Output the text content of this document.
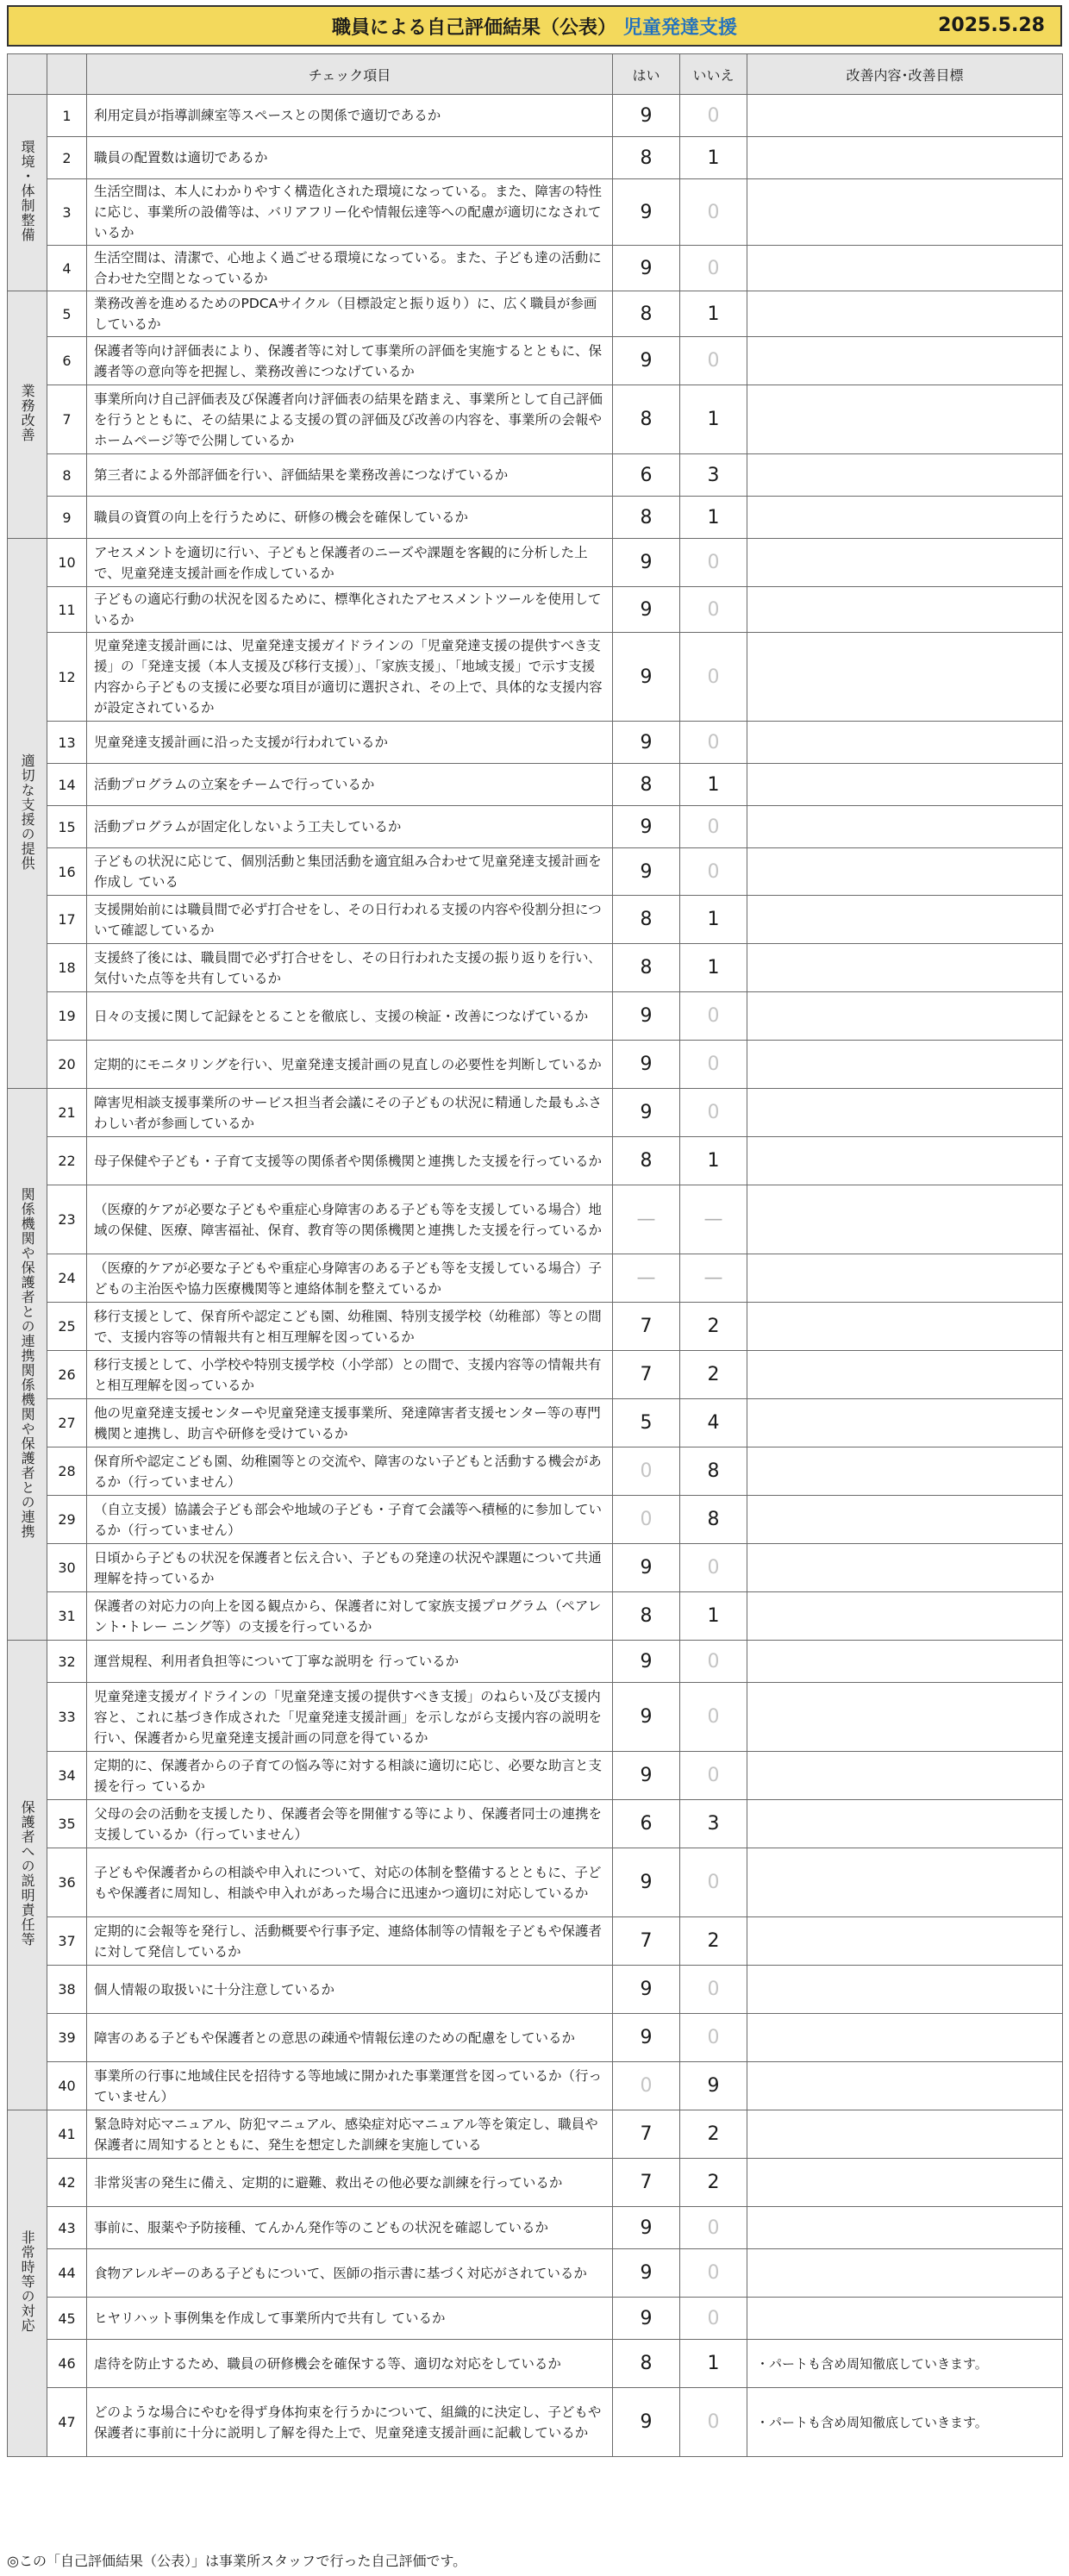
職員による自己評価結果（公表） 児童発達支援	2025.5.28
		チェック項目	はい	いいえ	改善内容･改善目標
環境・体制整備	1	利用定員が指導訓練室等スペースとの関係で適切であるか	9	0	
	2	職員の配置数は適切であるか	8	1	
	3	生活空間は、本人にわかりやすく構造化された環境になっている。また、障害の特性に応じ、事業所の設備等は、バリアフリー化や情報伝達等への配慮が適切になされているか	9	0	
	4	生活空間は、清潔で、心地よく過ごせる環境になっている。また、子ども達の活動に合わせた空間となっているか	9	0	
業務改善	5	業務改善を進めるためのPDCAサイクル（目標設定と振り返り）に、広く職員が参画しているか	8	1	
	6	保護者等向け評価表により、保護者等に対して事業所の評価を実施するとともに、保護者等の意向等を把握し、業務改善につなげているか	9	0	
	7	事業所向け自己評価表及び保護者向け評価表の結果を踏まえ、事業所として自己評価を行うとともに、その結果による支援の質の評価及び改善の内容を、事業所の会報やホームページ等で公開しているか	8	1	
	8	第三者による外部評価を行い、評価結果を業務改善につなげているか	6	3	
	9	職員の資質の向上を行うために、研修の機会を確保しているか	8	1	
適切な支援の提供	10	アセスメントを適切に行い、子どもと保護者のニーズや課題を客観的に分析した上で、児童発達支援計画を作成しているか	9	0	
	11	子どもの適応行動の状況を図るために、標準化されたアセスメントツールを使用しているか	9	0	
	12	児童発達支援計画には、児童発達支援ガイドラインの「児童発達支援の提供すべき支援」の「発達支援（本人支援及び移行支援）」、「家族支援」、「地域支援」で示す支援内容から子どもの支援に必要な項目が適切に選択され、その上で、具体的な支援内容が設定されているか	9	0	
	13	児童発達支援計画に沿った支援が行われているか	9	0	
	14	活動プログラムの立案をチームで行っているか	8	1	
	15	活動プログラムが固定化しないよう工夫しているか	9	0	
	16	子どもの状況に応じて、個別活動と集団活動を適宜組み合わせて児童発達支援計画を作成し ている	9	0	
	17	支援開始前には職員間で必ず打合せをし、その日行われる支援の内容や役割分担について確認しているか	8	1	
	18	支援終了後には、職員間で必ず打合せをし、その日行われた支援の振り返りを行い､気付いた点等を共有しているか	8	1	
	19	日々の支援に関して記録をとることを徹底し、支援の検証・改善につなげているか	9	0	
	20	定期的にモニタリングを行い、児童発達支援計画の見直しの必要性を判断しているか	9	0	
関係機関や保護者との連携関係機関や保護者との連携	21	障害児相談支援事業所のサービス担当者会議にその子どもの状況に精通した最もふさわしい者が参画しているか	9	0	
	22	母子保健や子ども・子育て支援等の関係者や関係機関と連携した支援を行っているか	8	1	
	23	（医療的ケアが必要な子どもや重症心身障害のある子ども等を支援している場合）地域の保健、医療、障害福祉、保育、教育等の関係機関と連携した支援を行っているか	—	—	
	24	（医療的ケアが必要な子どもや重症心身障害のある子ども等を支援している場合）子どもの主治医や協力医療機関等と連絡体制を整えているか	—	—	
	25	移行支援として、保育所や認定こども園、幼稚園、特別支援学校（幼稚部）等との間で、支援内容等の情報共有と相互理解を図っているか	7	2	
	26	移行支援として、小学校や特別支援学校（小学部）との間で、支援内容等の情報共有と相互理解を図っているか	7	2	
	27	他の児童発達支援センターや児童発達支援事業所、発達障害者支援センター等の専門機関と連携し、助言や研修を受けているか	5	4	
	28	保育所や認定こども園、幼稚園等との交流や、障害のない子どもと活動する機会があるか（行っていません）	0	8	
	29	（自立支援）協議会子ども部会や地域の子ども・子育て会議等へ積極的に参加しているか（行っていません）	0	8	
	30	日頃から子どもの状況を保護者と伝え合い、子どもの発達の状況や課題について共通理解を持っているか	9	0	
	31	保護者の対応力の向上を図る観点から、保護者に対して家族支援プログラム（ペアレント･トレー ニング等）の支援を行っているか	8	1	
保護者への説明責任等	32	運営規程、利用者負担等について丁寧な説明を 行っているか	9	0	
	33	児童発達支援ガイドラインの「児童発達支援の提供すべき支援」のねらい及び支援内容と、これに基づき作成された「児童発達支援計画」を示しながら支援内容の説明を行い、保護者から児童発達支援計画の同意を得ているか	9	0	
	34	定期的に、保護者からの子育ての悩み等に対する相談に適切に応じ、必要な助言と支援を行っ ているか	9	0	
	35	父母の会の活動を支援したり、保護者会等を開催する等により、保護者同士の連携を支援しているか（行っていません）	6	3	
	36	子どもや保護者からの相談や申入れについて、対応の体制を整備するとともに、子どもや保護者に周知し、相談や申入れがあった場合に迅速かつ適切に対応しているか	9	0	
	37	定期的に会報等を発行し、活動概要や行事予定、連絡体制等の情報を子どもや保護者に対して発信しているか	7	2	
	38	個人情報の取扱いに十分注意しているか	9	0	
	39	障害のある子どもや保護者との意思の疎通や情報伝達のための配慮をしているか	9	0	
	40	事業所の行事に地域住民を招待する等地域に開かれた事業運営を図っているか（行っていません）	0	9	
非常時等の対応	41	緊急時対応マニュアル、防犯マニュアル、感染症対応マニュアル等を策定し、職員や保護者に周知するとともに、発生を想定した訓練を実施している	7	2	
	42	非常災害の発生に備え、定期的に避難、救出その他必要な訓練を行っているか	7	2	
	43	事前に、服薬や予防接種、てんかん発作等のこどもの状況を確認しているか	9	0	
	44	食物アレルギーのある子どもについて、医師の指示書に基づく対応がされているか	9	0	
	45	ヒヤリハット事例集を作成して事業所内で共有し ているか	9	0	
	46	虐待を防止するため、職員の研修機会を確保する等、適切な対応をしているか	8	1	・パートも含め周知徹底していきます。
	47	どのような場合にやむを得ず身体拘束を行うかについて、組織的に決定し、子どもや保護者に事前に十分に説明し了解を得た上で、児童発達支援計画に記載しているか	9	0	・パートも含め周知徹底していきます。
◎この「自己評価結果（公表）」は事業所スタッフで行った自己評価です。
